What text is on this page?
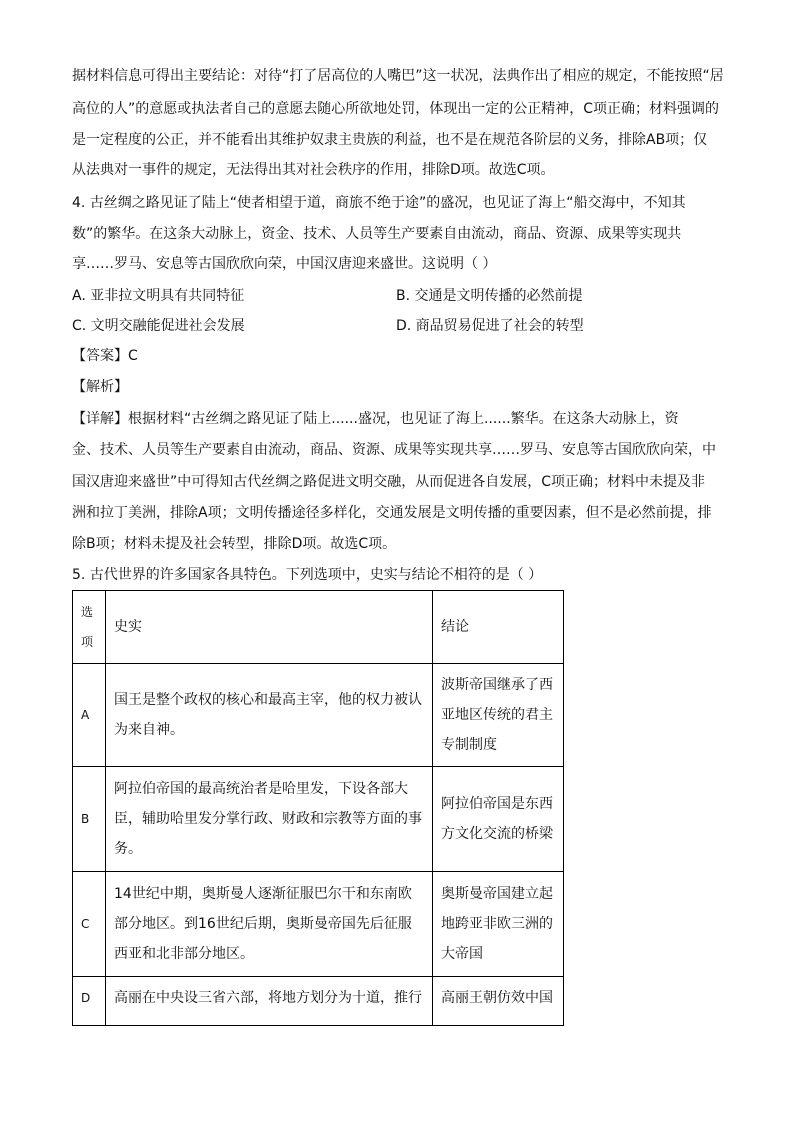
据材料信息可得出主要结论：对待“打了居高位的人嘴巴”这一状况，法典作出了相应的规定，不能按照“居
高位的人”的意愿或执法者自己的意愿去随心所欲地处罚，体现出一定的公正精神，C项正确；材料强调的
是一定程度的公正，并不能看出其维护奴隶主贵族的利益，也不是在规范各阶层的义务，排除AB项；仅
从法典对一事件的规定，无法得出其对社会秩序的作用，排除D项。故选C项。
4. 古丝绸之路见证了陆上“使者相望于道，商旅不绝于途”的盛况，也见证了海上“船交海中，不知其
数”的繁华。在这条大动脉上，资金、技术、人员等生产要素自由流动，商品、资源、成果等实现共
享……罗马、安息等古国欣欣向荣，中国汉唐迎来盛世。这说明（ ）
A. 亚非拉文明具有共同特征	B. 交通是文明传播的必然前提
C. 文明交融能促进社会发展	D. 商品贸易促进了社会的转型
【答案】C
【解析】
【详解】根据材料“古丝绸之路见证了陆上......盛况，也见证了海上......繁华。在这条大动脉上，资
金、技术、人员等生产要素自由流动，商品、资源、成果等实现共享……罗马、安息等古国欣欣向荣，中
国汉唐迎来盛世”中可得知古代丝绸之路促进文明交融，从而促进各自发展，C项正确；材料中未提及非
洲和拉丁美洲，排除A项；文明传播途径多样化，交通发展是文明传播的重要因素，但不是必然前提，排
除B项；材料未提及社会转型，排除D项。故选C项。
5. 古代世界的许多国家各具特色。下列选项中，史实与结论不相符的是（ ）
选项	史实	结论

A	国王是整个政权的核心和最高主宰，他的权力被认为来自神。	波斯帝国继承了西亚地区传统的君主专制制度

B	阿拉伯帝国的最高统治者是哈里发，下设各部大臣，辅助哈里发分掌行政、财政和宗教等方面的事务。	阿拉伯帝国是东西方文化交流的桥梁

C	14世纪中期，奥斯曼人逐渐征服巴尔干和东南欧部分地区。到16世纪后期，奥斯曼帝国先后征服西亚和北非部分地区。	奥斯曼帝国建立起地跨亚非欧三洲的大帝国

D	高丽在中央设三省六部，将地方划分为十道，推行	高丽王朝仿效中国
